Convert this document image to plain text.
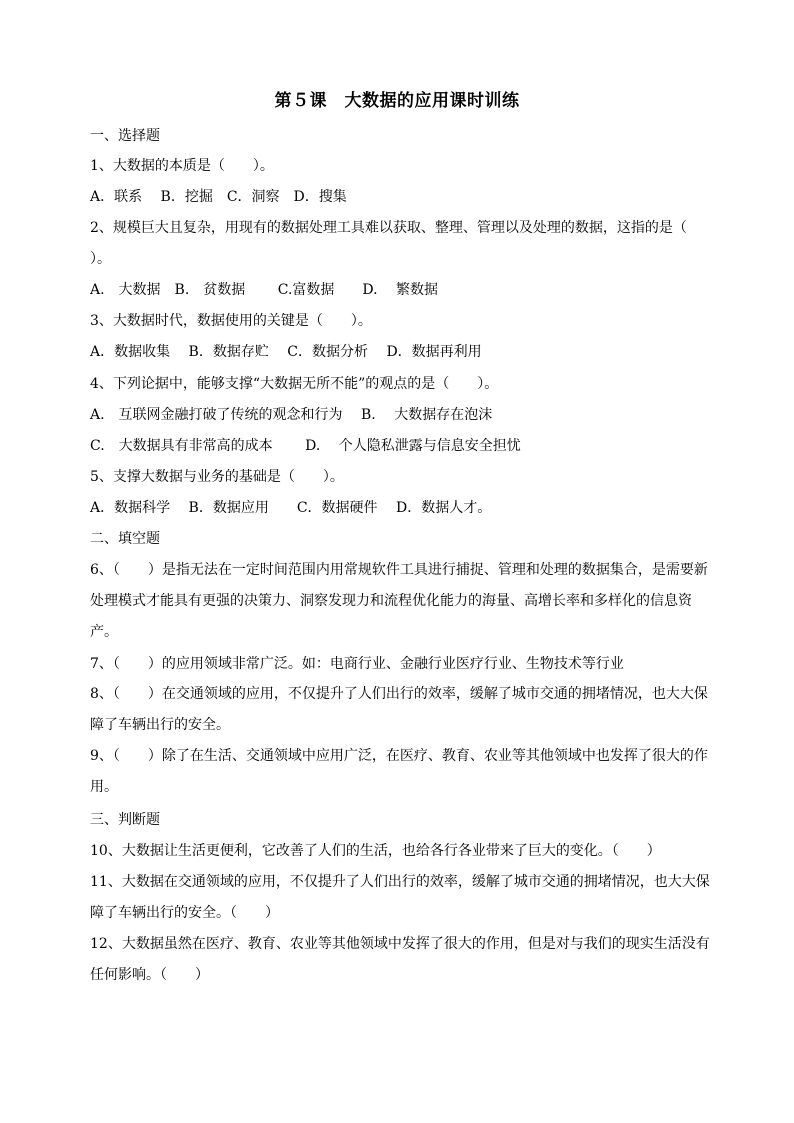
第５课　大数据的应用课时训练
一、选择题
1、大数据的本质是（　　）。
A．联系　 B．挖掘　C．洞察　D．搜集
2、规模巨大且复杂，用现有的数据处理工具难以获取、整理、管理以及处理的数据，这指的是（
）。
A.　大数据　B.　贫数据　　 C.富数据　　D.　 繁数据
3、大数据时代，数据使用的关键是（　　）。
A．数据收集　 B．数据存贮　 C．数据分析　 D．数据再利用
4、下列论据中，能够支撑“大数据无所不能”的观点的是（　　）。
A.　互联网金融打破了传统的观念和行为　 B.　 大数据存在泡沫
C.　大数据具有非常高的成本　　 D.　 个人隐私泄露与信息安全担忧
5、支撑大数据与业务的基础是（　　）。
A．数据科学　 B．数据应用　　C．数据硬件　 D．数据人才。
二、填空题
6、（　　）是指无法在一定时间范围内用常规软件工具进行捕捉、管理和处理的数据集合，是需要新处理模式才能具有更强的决策力、洞察发现力和流程优化能力的海量、高增长率和多样化的信息资产。
7、（　　）的应用领域非常广泛。如：电商行业、金融行业医疗行业、生物技术等行业
8、（　　）在交通领域的应用，不仅提升了人们出行的效率，缓解了城市交通的拥堵情况，也大大保障了车辆出行的安全。
9、（　　）除了在生活、交通领域中应用广泛，在医疗、教育、农业等其他领域中也发挥了很大的作用。
三、判断题
10、大数据让生活更便利，它改善了人们的生活，也给各行各业带来了巨大的变化。（　　）
11、大数据在交通领域的应用，不仅提升了人们出行的效率，缓解了城市交通的拥堵情况，也大大保障了车辆出行的安全。（　　）
12、大数据虽然在医疗、教育、农业等其他领域中发挥了很大的作用，但是对与我们的现实生活没有任何影响。（　　）
